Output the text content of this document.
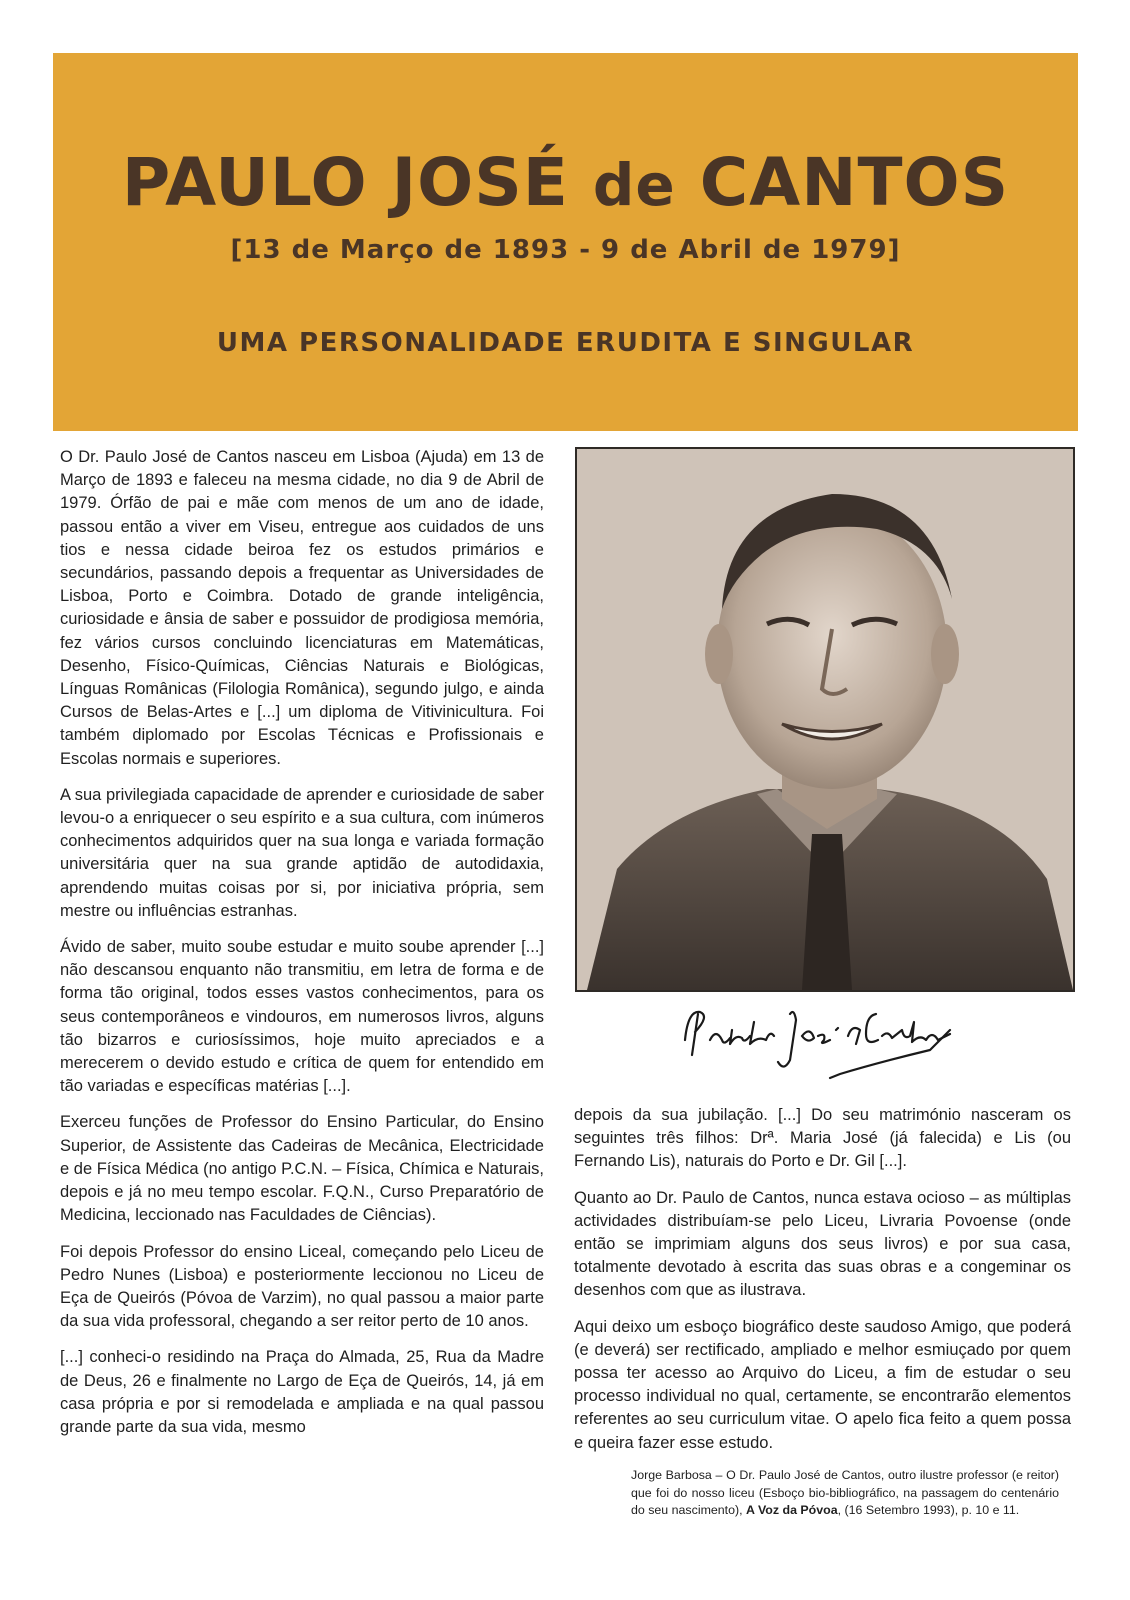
PAULO JOSÉ de CANTOS
[13 de Março de 1893 - 9 de Abril de 1979]
UMA PERSONALIDADE ERUDITA E SINGULAR

O Dr. Paulo José de Cantos nasceu em Lisboa (Ajuda) em 13 de Março de 1893 e faleceu na mesma cidade, no dia 9 de Abril de 1979. Órfão de pai e mãe com menos de um ano de idade, passou então a viver em Viseu, entregue aos cuidados de uns tios e nessa cidade beiroa fez os estudos primários e secundários, passando depois a frequentar as Universidades de Lisboa, Porto e Coimbra. Dotado de grande inteligência, curiosidade e ânsia de saber e possuidor de prodigiosa memória, fez vários cursos concluindo licenciaturas em Matemáticas, Desenho, Físico-Químicas, Ciências Naturais e Biológicas, Línguas Românicas (Filologia Românica), segundo julgo, e ainda Cursos de Belas-Artes e [...] um diploma de Vitivinicultura. Foi também diplomado por Escolas Técnicas e Profissionais e Escolas normais e superiores.

A sua privilegiada capacidade de aprender e curiosidade de saber levou-o a enriquecer o seu espírito e a sua cultura, com inúmeros conhecimentos adquiridos quer na sua longa e variada formação universitária quer na sua grande aptidão de autodidaxia, aprendendo muitas coisas por si, por iniciativa própria, sem mestre ou influências estranhas.

Ávido de saber, muito soube estudar e muito soube aprender [...] não descansou enquanto não transmitiu, em letra de forma e de forma tão original, todos esses vastos conhecimentos, para os seus contemporâneos e vindouros, em numerosos livros, alguns tão bizarros e curiosíssimos, hoje muito apreciados e a merecerem o devido estudo e crítica de quem for entendido em tão variadas e específicas matérias [...].

Exerceu funções de Professor do Ensino Particular, do Ensino Superior, de Assistente das Cadeiras de Mecânica, Electricidade e de Física Médica (no antigo P.C.N. – Física, Chímica e Naturais, depois e já no meu tempo escolar. F.Q.N., Curso Preparatório de Medicina, leccionado nas Faculdades de Ciências).

Foi depois Professor do ensino Liceal, começando pelo Liceu de Pedro Nunes (Lisboa) e posteriormente leccionou no Liceu de Eça de Queirós (Póvoa de Varzim), no qual passou a maior parte da sua vida professoral, chegando a ser reitor perto de 10 anos.

[...] conheci-o residindo na Praça do Almada, 25, Rua da Madre de Deus, 26 e finalmente no Largo de Eça de Queirós, 14, já em casa própria e por si remodelada e ampliada e na qual passou grande parte da sua vida, mesmo

Paulo José de Cantos

depois da sua jubilação. [...] Do seu matrimónio nasceram os seguintes três filhos: Drª. Maria José (já falecida) e Lis (ou Fernando Lis), naturais do Porto e Dr. Gil [...].

Quanto ao Dr. Paulo de Cantos, nunca estava ocioso – as múltiplas actividades distribuíam-se pelo Liceu, Livraria Povoense (onde então se imprimiam alguns dos seus livros) e por sua casa, totalmente devotado à escrita das suas obras e a congeminar os desenhos com que as ilustrava.

Aqui deixo um esboço biográfico deste saudoso Amigo, que poderá (e deverá) ser rectificado, ampliado e melhor esmiuçado por quem possa ter acesso ao Arquivo do Liceu, a fim de estudar o seu processo individual no qual, certamente, se encontrarão elementos referentes ao seu curriculum vitae. O apelo fica feito a quem possa e queira fazer esse estudo.

Jorge Barbosa – O Dr. Paulo José de Cantos, outro ilustre professor (e reitor) que foi do nosso liceu (Esboço bio-bibliográfico, na passagem do centenário do seu nascimento), A Voz da Póvoa, (16 Setembro 1993), p. 10 e 11.
